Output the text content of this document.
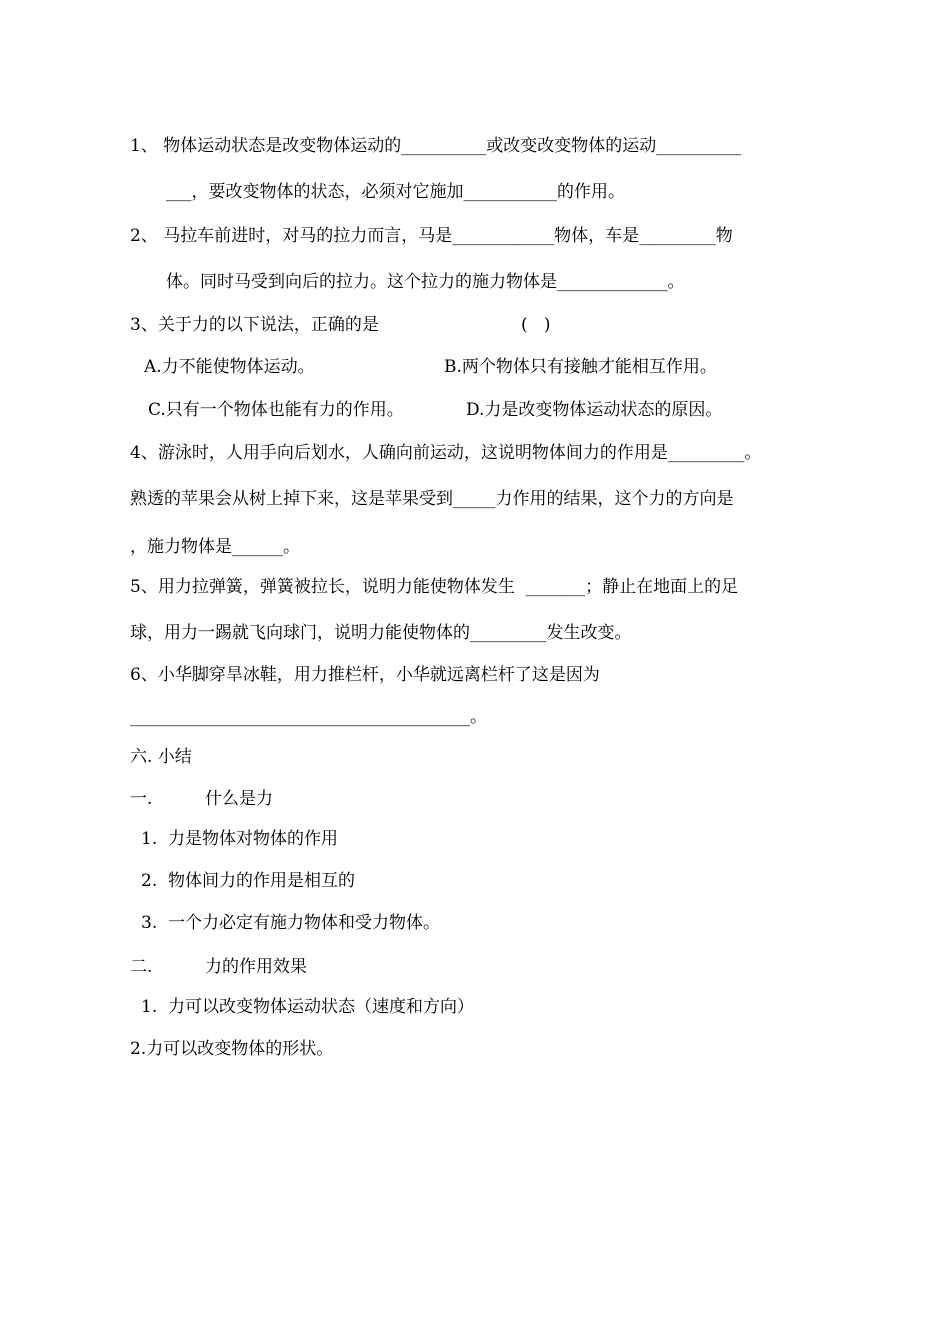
1、 物体运动状态是改变物体运动的__________或改变改变物体的运动__________
___，要改变物体的状态，必须对它施加___________的作用。
2、 马拉车前进时，对马的拉力而言，马是____________物体，车是_________物
体。同时马受到向后的拉力。这个拉力的施力物体是_____________。
3、关于力的以下说法，正确的是	(   )
A.力不能使物体运动。	B.两个物体只有接触才能相互作用。
C.只有一个物体也能有力的作用。	D.力是改变物体运动状态的原因。
4、游泳时，人用手向后划水，人确向前运动，这说明物体间力的作用是_________。
熟透的苹果会从树上掉下来，这是苹果受到_____力作用的结果，这个力的方向是
，施力物体是______。
5、用力拉弹簧，弹簧被拉长，说明力能使物体发生  _______；静止在地面上的足
球，用力一踢就飞向球门，说明力能使物体的_________发生改变。
6、小华脚穿旱冰鞋，用力推栏杆，小华就远离栏杆了这是因为
________________________________________。
六. 小结
一.	什么是力
1.  力是物体对物体的作用
2.  物体间力的作用是相互的
3.  一个力必定有施力物体和受力物体。
二.	力的作用效果
1.  力可以改变物体运动状态（速度和方向）
2.力可以改变物体的形状。
